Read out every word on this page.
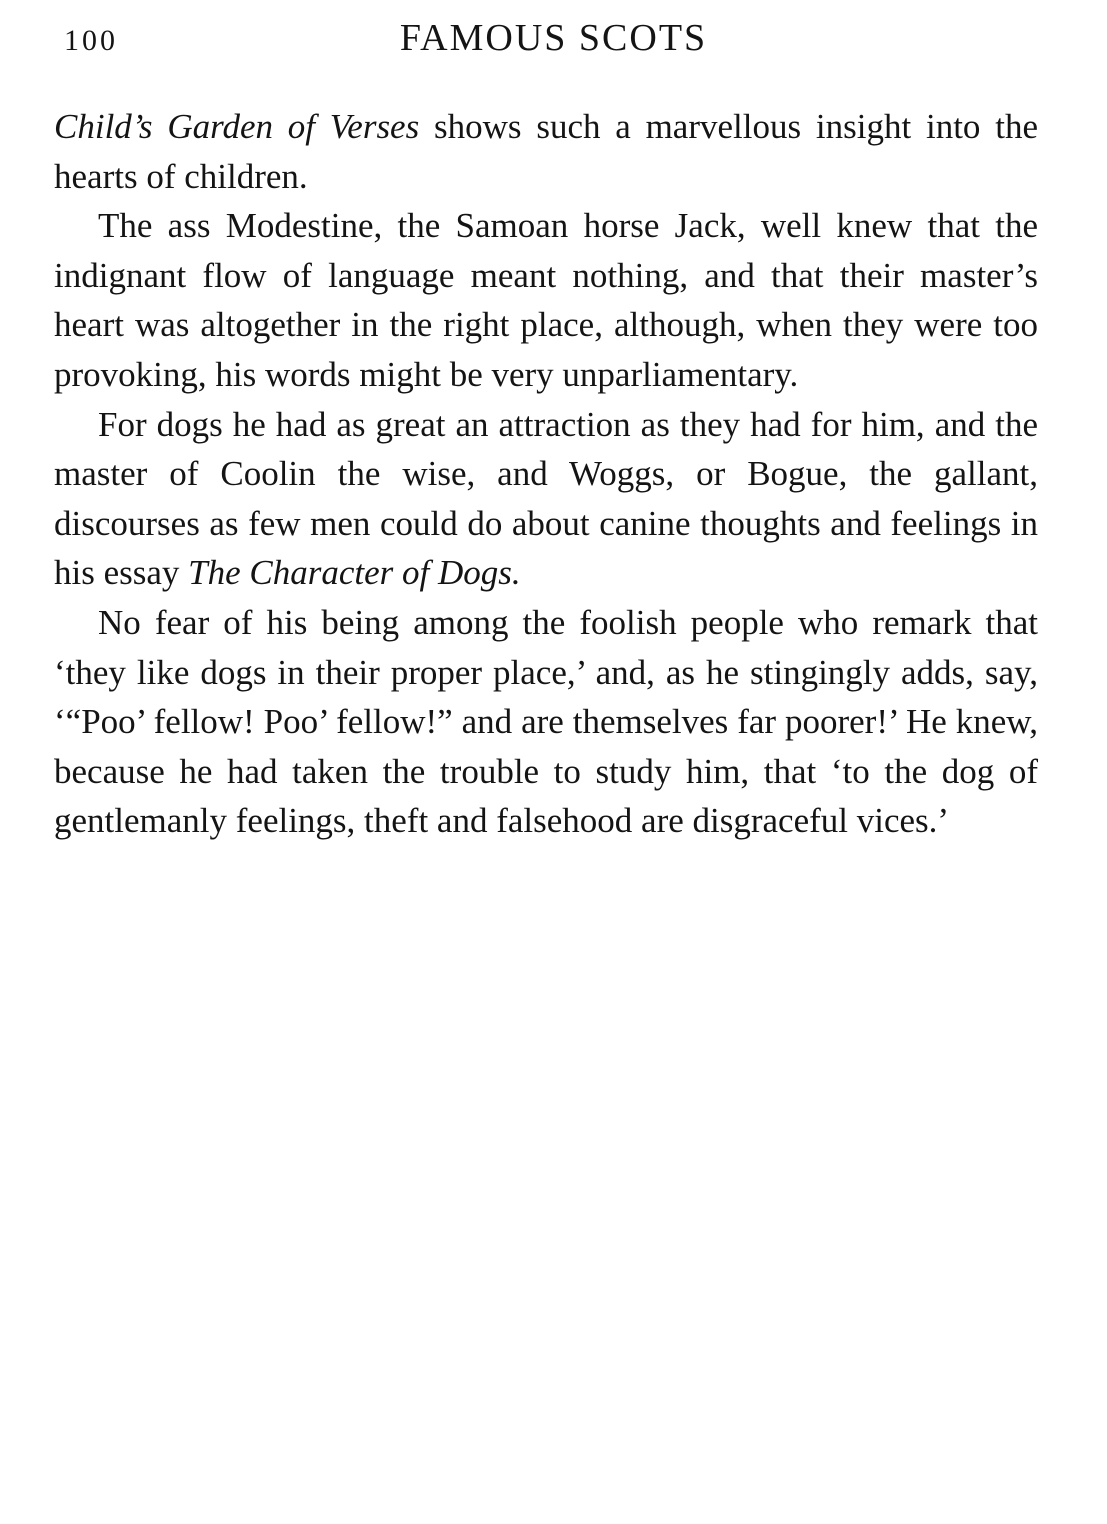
100	FAMOUS SCOTS

Child’s Garden of Verses shows such a marvellous insight into the hearts of children.

The ass Modestine, the Samoan horse Jack, well knew that the indignant flow of language meant nothing, and that their master’s heart was altogether in the right place, although, when they were too provoking, his words might be very unparliamentary.

For dogs he had as great an attraction as they had for him, and the master of Coolin the wise, and Woggs, or Bogue, the gallant, discourses as few men could do about canine thoughts and feelings in his essay The Character of Dogs.

No fear of his being among the foolish people who remark that ‘they like dogs in their proper place,’ and, as he stingingly adds, say, ‘“Poo’ fellow! Poo’ fellow!” and are themselves far poorer!’ He knew, because he had taken the trouble to study him, that ‘to the dog of gentlemanly feelings, theft and falsehood are disgraceful vices.’
